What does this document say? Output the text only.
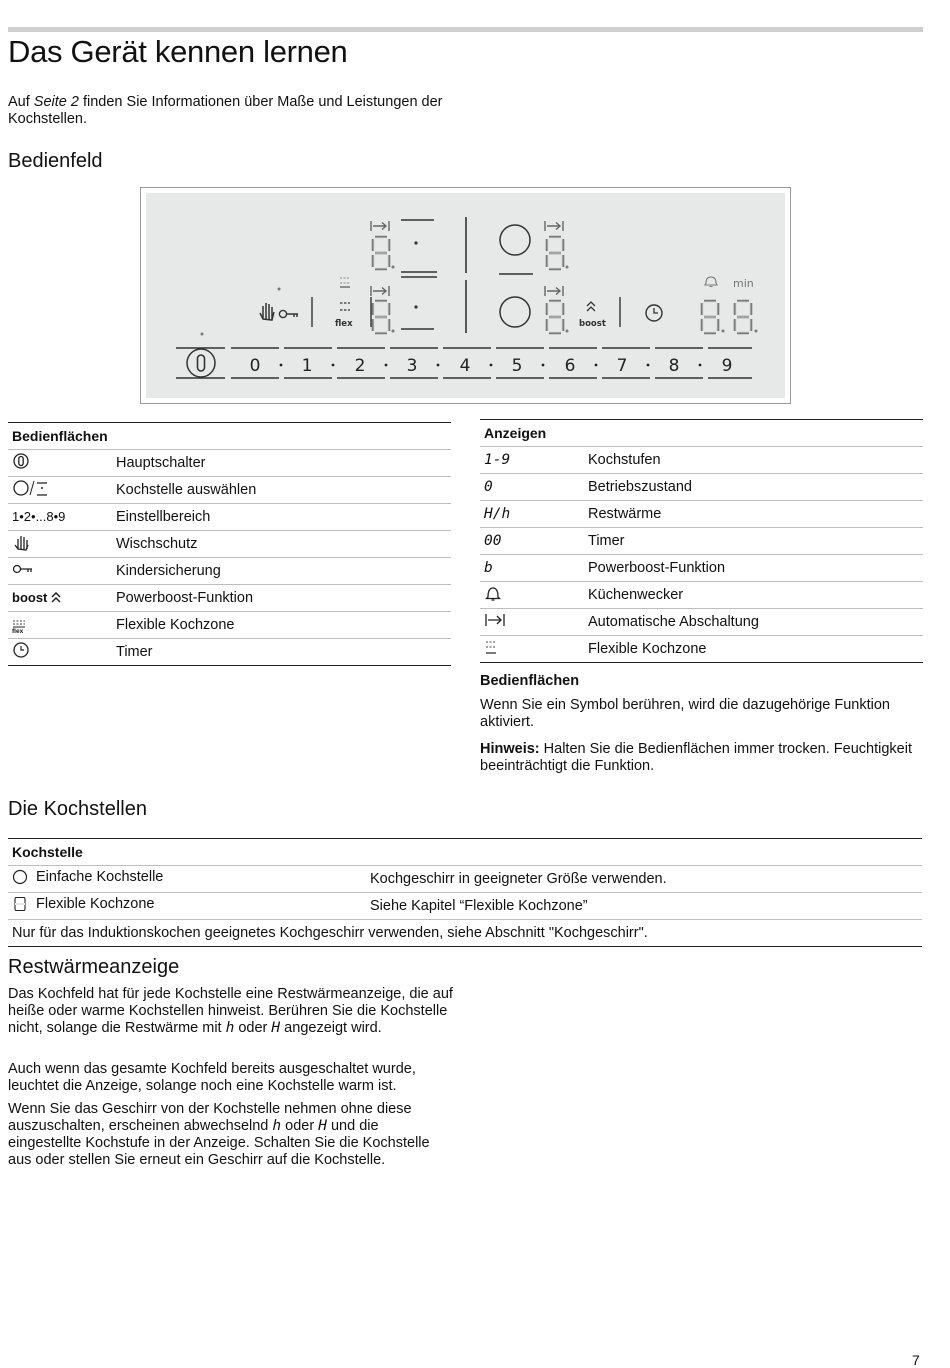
Das Gerät kennen lernen
Auf Seite 2 finden Sie Informationen über Maße und Leistungen der Kochstellen.
Bedienfeld
flex	boost
min
0 1 2 3 4 5 6 7 8 9
Bedienflächen	

	Hauptschalter

	Kochstelle auswählen
1•2•...8•9	Einstellbereich

	Wischschutz

	Kindersicherung

boost	Powerboost-Funktion

flex	Flexible Kochzone

	Timer
Anzeigen	
1-9	Kochstufen
0	Betriebszustand
H/h	Restwärme
00	Timer
b	Powerboost-Funktion
	Küchenwecker
	Automatische Abschaltung
	Flexible Kochzone

Bedienflächen

Wenn Sie ein Symbol berühren, wird die dazugehörige Funktion aktiviert.

Hinweis: Halten Sie die Bedienflächen immer trocken. Feuchtigkeit beeinträchtigt die Funktion.

Die Kochstellen
Kochstelle	

Einfache Kochstelle	Kochgeschirr in geeigneter Größe verwenden.

Flexible Kochzone	Siehe Kapitel “Flexible Kochzone”
Nur für das Induktionskochen geeignetes Kochgeschirr verwenden, siehe Abschnitt "Kochgeschirr".	
Restwärmeanzeige

Das Kochfeld hat für jede Kochstelle eine Restwärmeanzeige, die auf heiße oder warme Kochstellen hinweist. Berühren Sie die Kochstelle nicht, solange die Restwärme mit h oder H angezeigt wird.

Auch wenn das gesamte Kochfeld bereits ausgeschaltet wurde, leuchtet die Anzeige, solange noch eine Kochstelle warm ist.

Wenn Sie das Geschirr von der Kochstelle nehmen ohne diese auszuschalten, erscheinen abwechselnd h oder H und die eingestellte Kochstufe in der Anzeige. Schalten Sie die Kochstelle aus oder stellen Sie erneut ein Geschirr auf die Kochstelle.

7
